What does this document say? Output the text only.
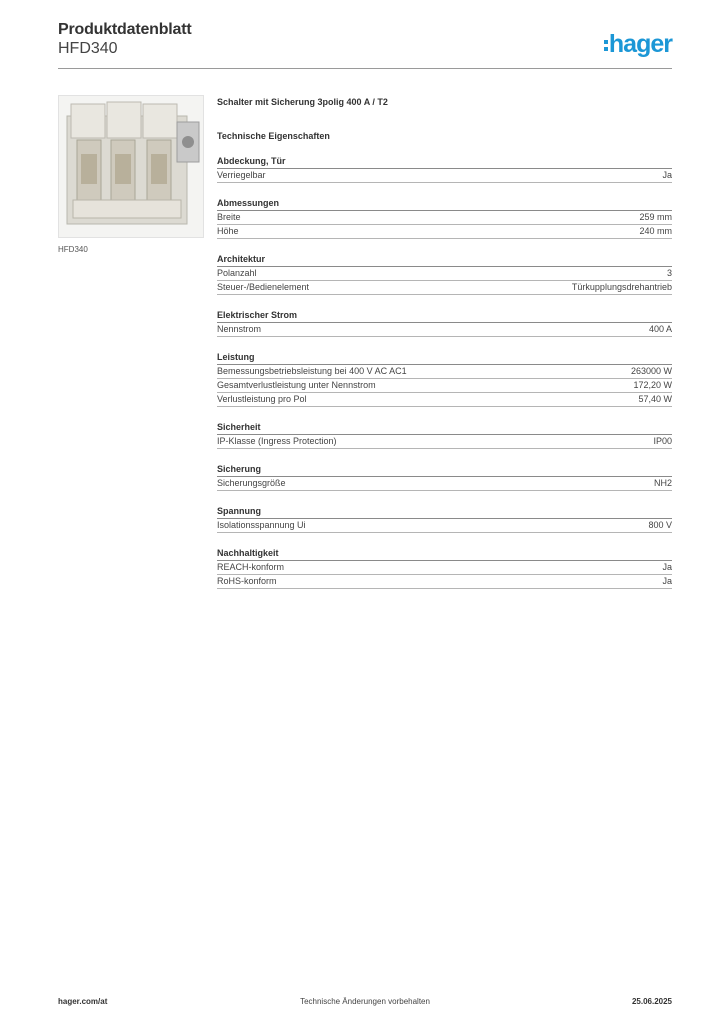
Produktdatenblatt
HFD340	hager
HFD340
Schalter mit Sicherung 3polig 400 A / T2
Technische Eigenschaften
Abdeckung, Tür
Verriegelbar	Ja
Abmessungen
Breite	259 mm
Höhe	240 mm
Architektur
Polanzahl	3
Steuer-/Bedienelement	Türkupplungsdrehantrieb
Elektrischer Strom
Nennstrom	400 A
Leistung
Bemessungsbetriebsleistung bei 400 V AC AC1	263000 W
Gesamtverlustleistung unter Nennstrom	172,20 W
Verlustleistung pro Pol	57,40 W
Sicherheit
IP-Klasse (Ingress Protection)	IP00
Sicherung
Sicherungsgröße	NH2
Spannung
Isolationsspannung Ui	800 V
Nachhaltigkeit
REACH-konform	Ja
RoHS-konform	Ja
hager.com/at	Technische Änderungen vorbehalten	25.06.2025
